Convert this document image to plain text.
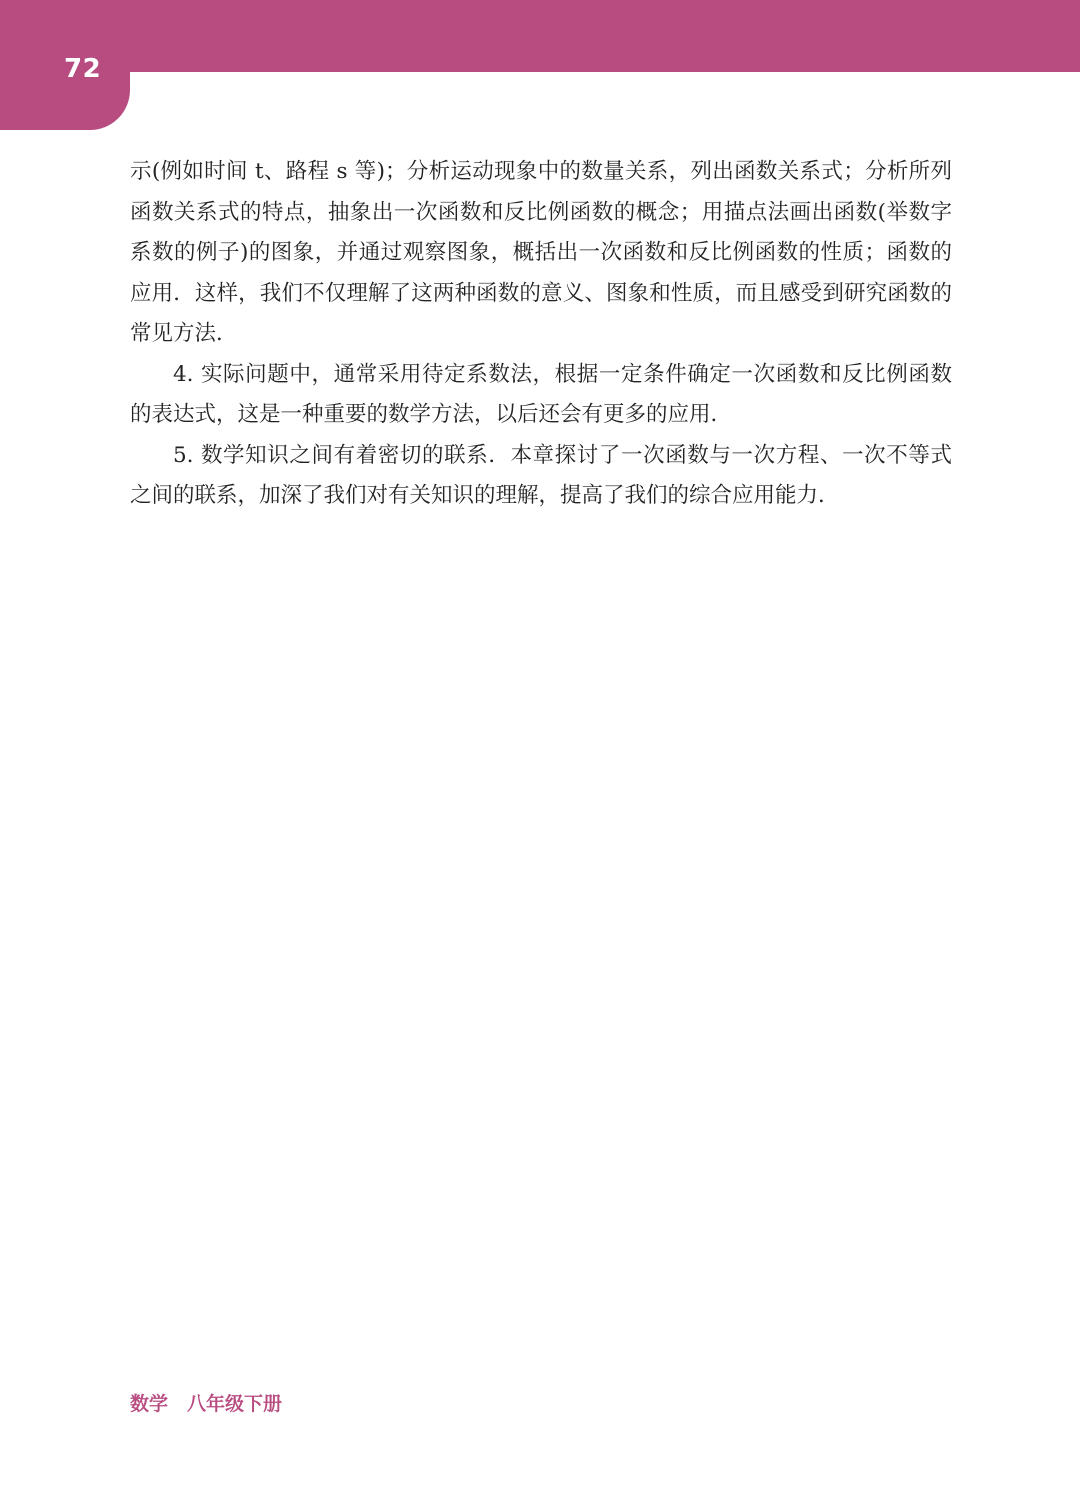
72

示(例如时间 t、路程 s 等)；分析运动现象中的数量关系，列出函数关系式；分析所列函数关系式的特点，抽象出一次函数和反比例函数的概念；用描点法画出函数(举数字系数的例子)的图象，并通过观察图象，概括出一次函数和反比例函数的性质；函数的应用．这样，我们不仅理解了这两种函数的意义、图象和性质，而且感受到研究函数的常见方法．

4. 实际问题中，通常采用待定系数法，根据一定条件确定一次函数和反比例函数的表达式，这是一种重要的数学方法，以后还会有更多的应用．

5. 数学知识之间有着密切的联系．本章探讨了一次函数与一次方程、一次不等式之间的联系，加深了我们对有关知识的理解，提高了我们的综合应用能力．

数学　八年级下册
